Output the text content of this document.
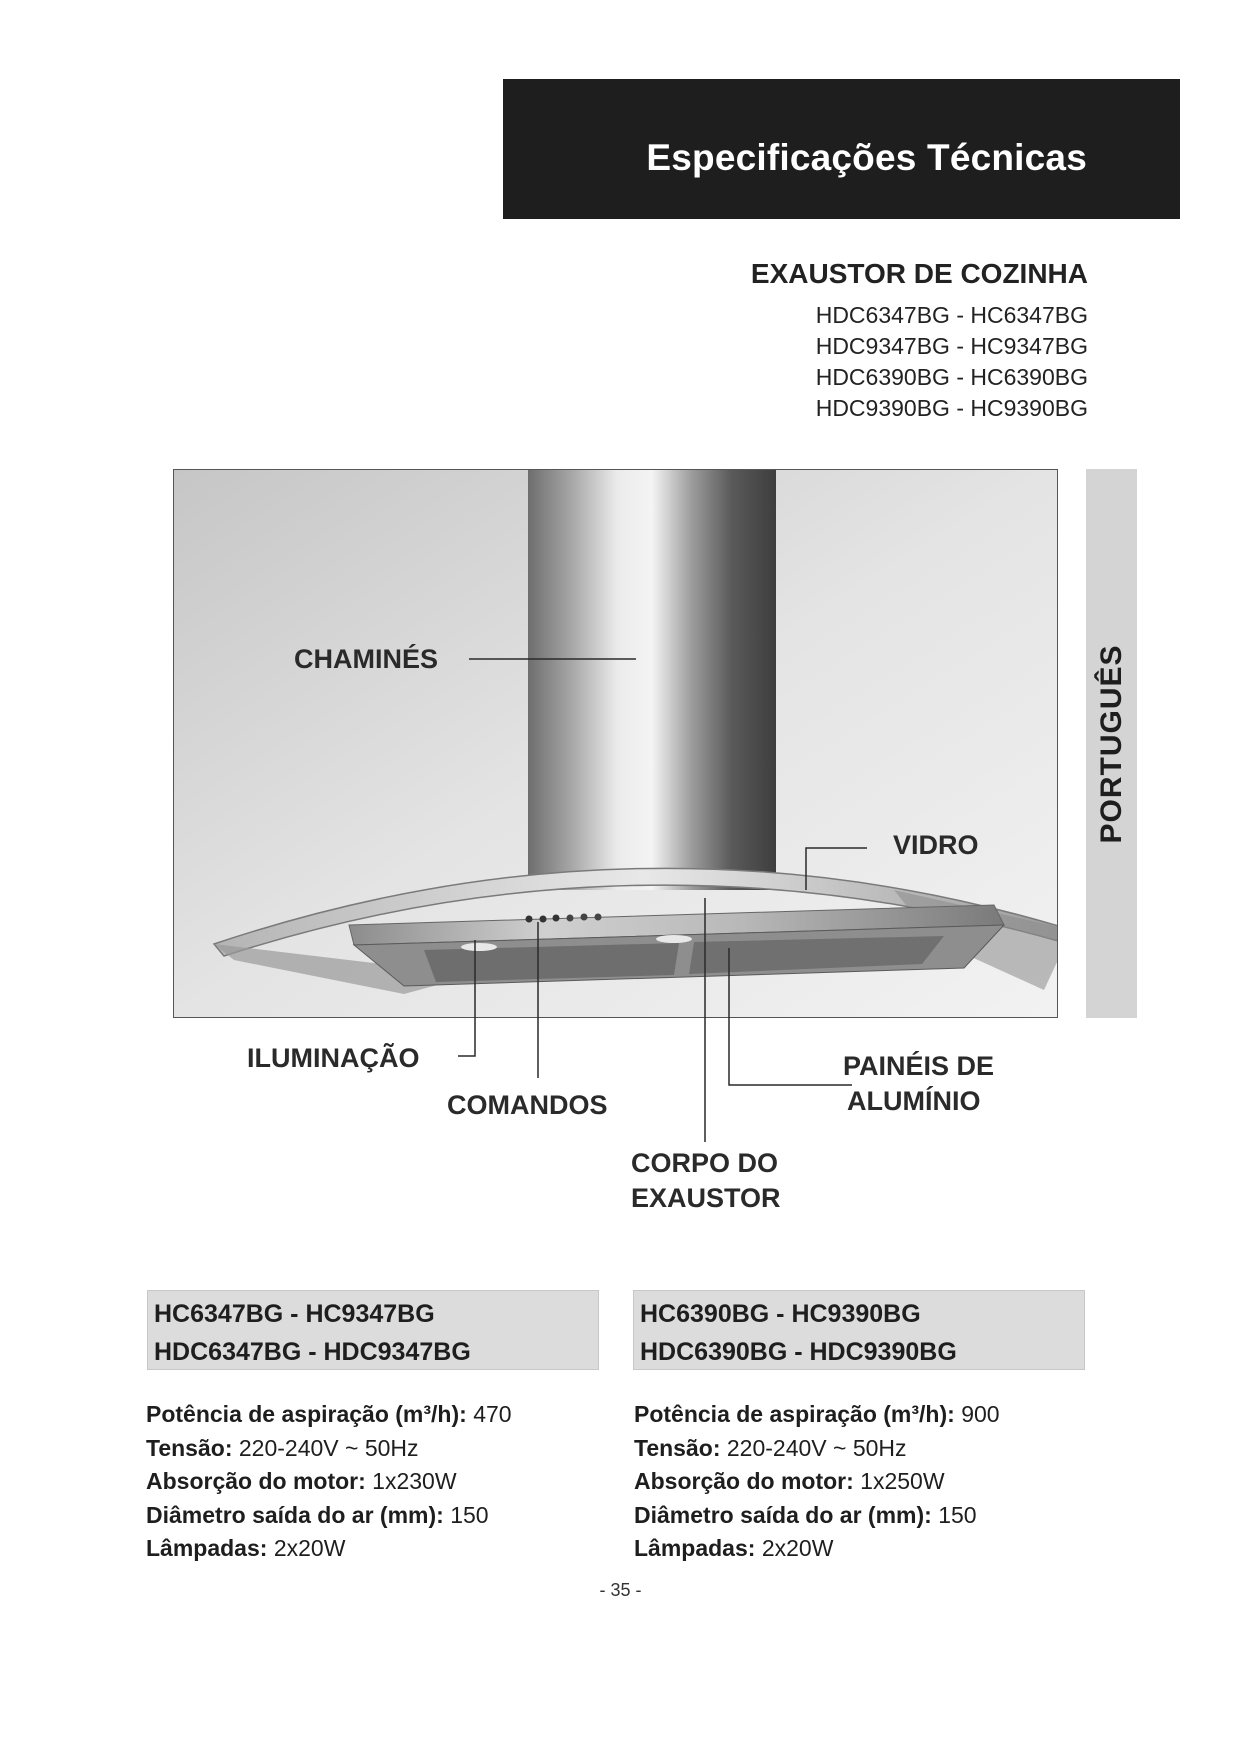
Especificações Técnicas
EXAUSTOR DE COZINHA
HDC6347BG - HC6347BG
HDC9347BG - HC9347BG
HDC6390BG - HC6390BG
HDC9390BG - HC9390BG
CHAMINÉS
VIDRO
ILUMINAÇÃO
COMANDOS
PAINÉIS DE
ALUMÍNIO
CORPO DO
EXAUSTOR
PORTUGUÊS
HC6347BG - HC9347BG
HDC6347BG - HDC9347BG
Potência de aspiração (m³/h): 470
Tensão: 220-240V ~ 50Hz
Absorção do motor: 1x230W
Diâmetro saída do ar (mm): 150
Lâmpadas: 2x20W
HC6390BG - HC9390BG
HDC6390BG - HDC9390BG
Potência de aspiração (m³/h): 900
Tensão: 220-240V ~ 50Hz
Absorção do motor: 1x250W
Diâmetro saída do ar (mm): 150
Lâmpadas: 2x20W
- 35 -
